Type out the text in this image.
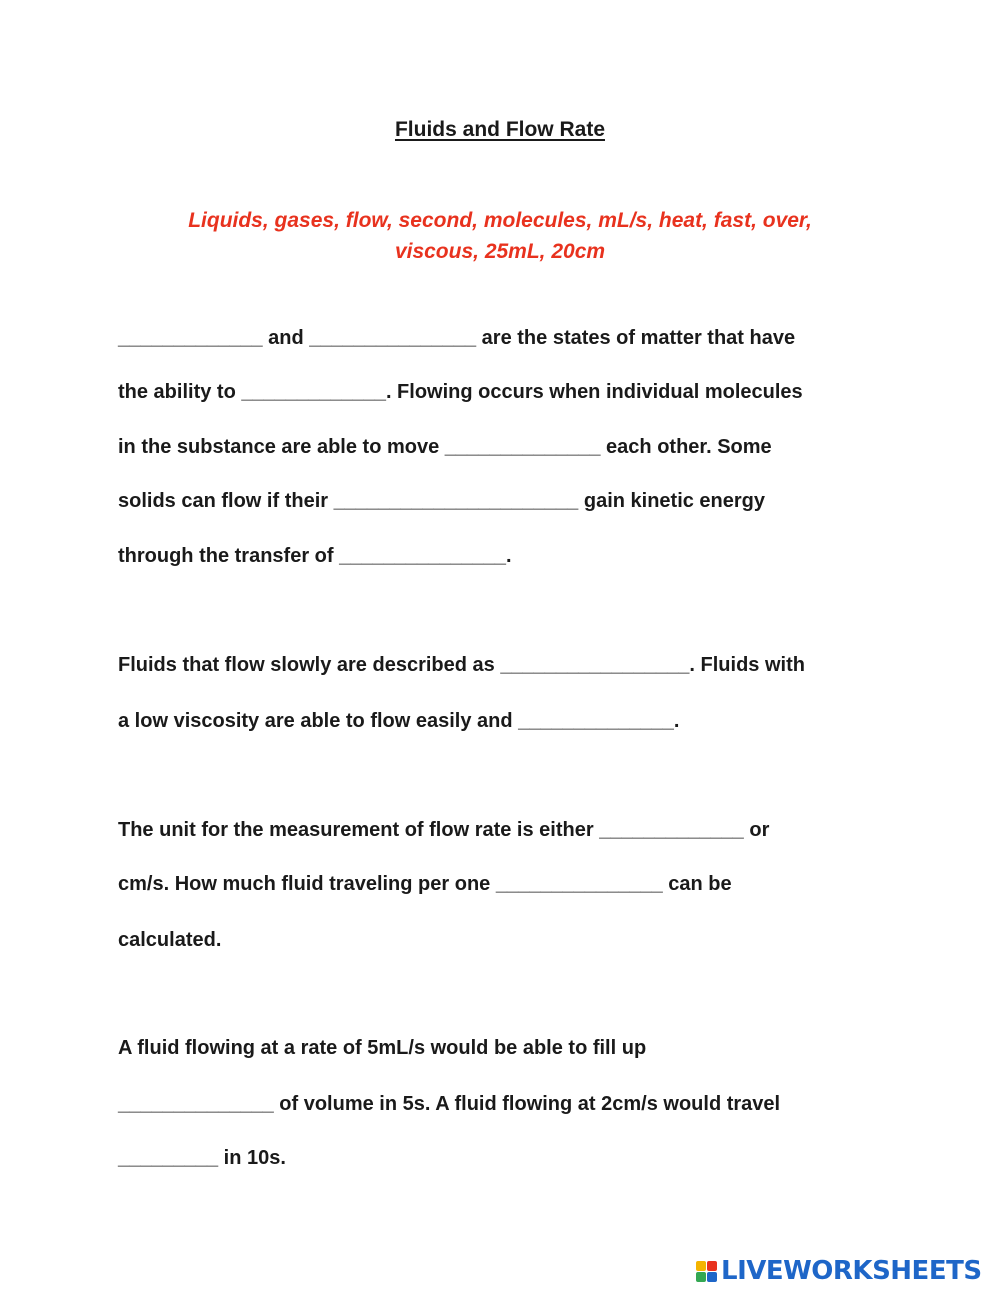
Fluids and Flow Rate
Liquids, gases, flow, second, molecules, mL/s, heat, fast, over,
viscous, 25mL, 20cm
_____________ and _______________ are the states of matter that have
the ability to _____________. Flowing occurs when individual molecules
in the substance are able to move ______________ each other. Some
solids can flow if their ______________________ gain kinetic energy
through the transfer of _______________.
Fluids that flow slowly are described as _________________. Fluids with
a low viscosity are able to flow easily and ______________.
The unit for the measurement of flow rate is either _____________ or
cm/s. How much fluid traveling per one _______________ can be
calculated.
A fluid flowing at a rate of 5mL/s would be able to fill up
______________ of volume in 5s. A fluid flowing at 2cm/s would travel
_________ in 10s.
LIVEWORKSHEETS
